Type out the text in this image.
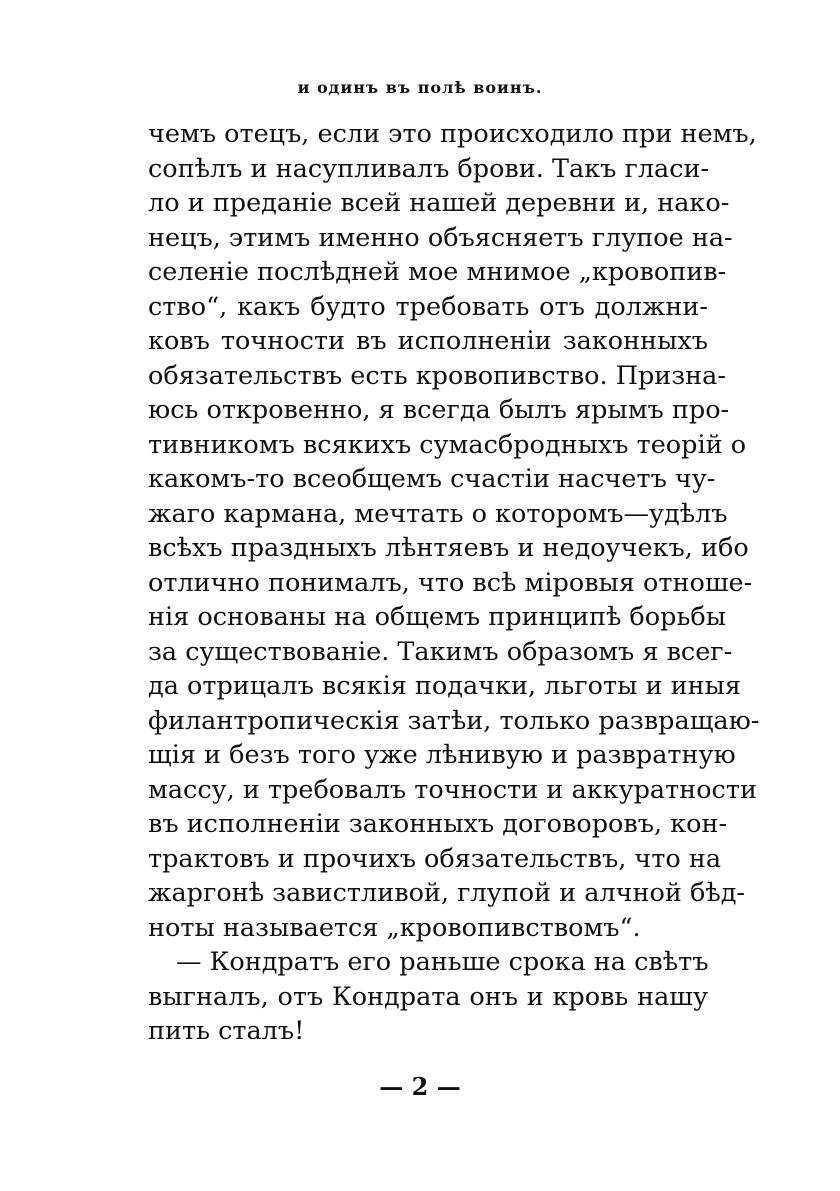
и одинъ въ полѣ воинъ.
чемъ отецъ, если это происходило при немъ,
сопѣлъ и насупливалъ брови. Такъ гласи-
ло и преданіе всей нашей деревни и, нако-
нецъ, этимъ именно объясняетъ глупое на-
селеніе послѣдней мое мнимое „кровопив-
ство“, какъ будто требовать отъ должни-
ковъ точности въ исполненіи законныхъ
обязательствъ есть кровопивство. Призна-
юсь откровенно, я всегда былъ ярымъ про-
тивникомъ всякихъ сумасбродныхъ теорій о
какомъ-то всеобщемъ счастіи насчетъ чу-
жаго кармана, мечтать о которомъ—удѣлъ
всѣхъ праздныхъ лѣнтяевъ и недоучекъ, ибо
отлично понималъ, что всѣ міровыя отноше-
нія основаны на общемъ принципѣ борьбы
за существованіе. Такимъ образомъ я всег-
да отрицалъ всякія подачки, льготы и иныя
филантропическія затѣи, только развращаю-
щія и безъ того уже лѣнивую и развратную
массу, и требовалъ точности и аккуратности
въ исполненіи законныхъ договоровъ, кон-
трактовъ и прочихъ обязательствъ, что на
жаргонѣ завистливой, глупой и алчной бѣд-
ноты называется „кровопивствомъ“.
— Кондратъ его раньше срока на свѣтъ
выгналъ, отъ Кондрата онъ и кровь нашу
пить сталъ!
— 2 —
